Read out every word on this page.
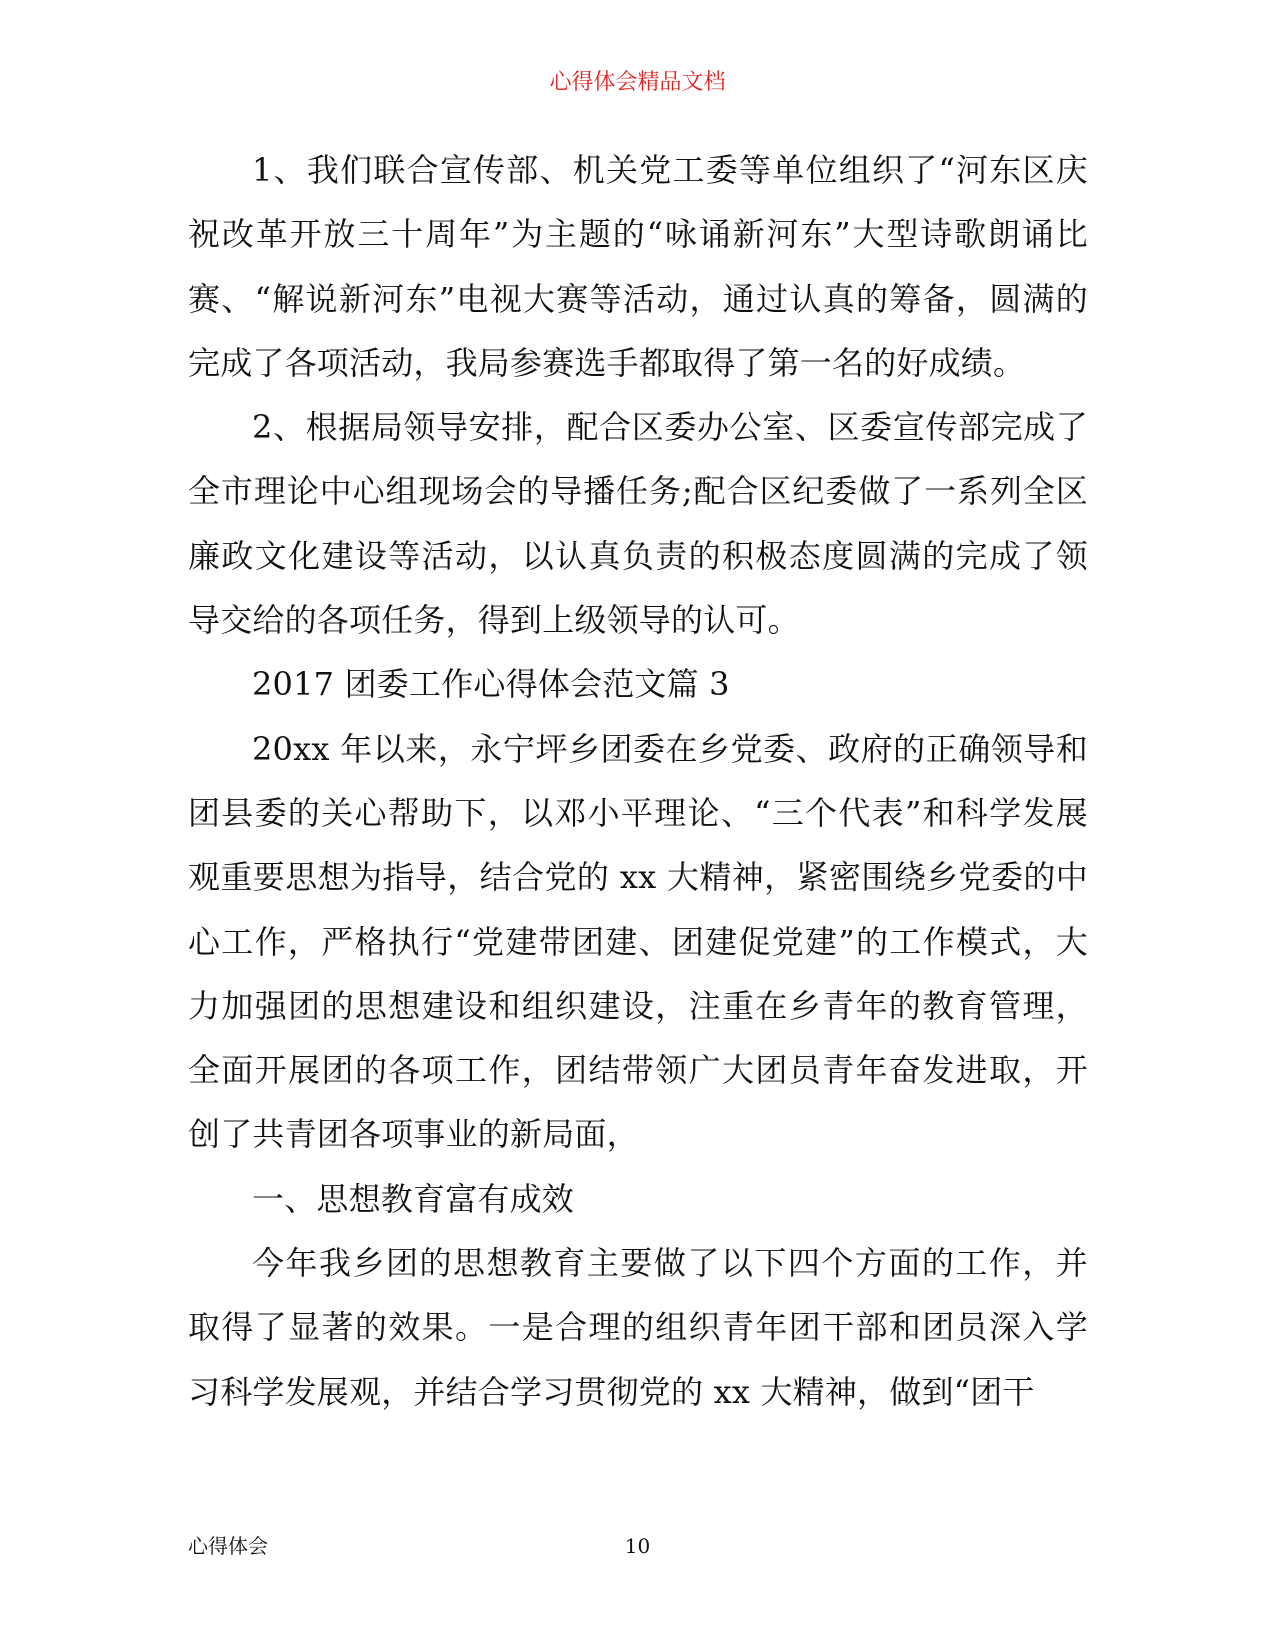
心得体会精品文档

1、我们联合宣传部、机关党工委等单位组织了“河东区庆祝改革开放三十周年”为主题的“咏诵新河东”大型诗歌朗诵比赛、“解说新河东”电视大赛等活动，通过认真的筹备，圆满的完成了各项活动，我局参赛选手都取得了第一名的好成绩。

2、根据局领导安排，配合区委办公室、区委宣传部完成了全市理论中心组现场会的导播任务;配合区纪委做了一系列全区廉政文化建设等活动，以认真负责的积极态度圆满的完成了领导交给的各项任务，得到上级领导的认可。

2017 团委工作心得体会范文篇 3

20xx 年以来，永宁坪乡团委在乡党委、政府的正确领导和团县委的关心帮助下，以邓小平理论、“三个代表”和科学发展观重要思想为指导，结合党的 xx 大精神，紧密围绕乡党委的中心工作，严格执行“党建带团建、团建促党建”的工作模式，大力加强团的思想建设和组织建设，注重在乡青年的教育管理，全面开展团的各项工作，团结带领广大团员青年奋发进取，开创了共青团各项事业的新局面，

一、思想教育富有成效

今年我乡团的思想教育主要做了以下四个方面的工作，并取得了显著的效果。一是合理的组织青年团干部和团员深入学习科学发展观，并结合学习贯彻党的 xx 大精神，做到“团干

心得体会	10
